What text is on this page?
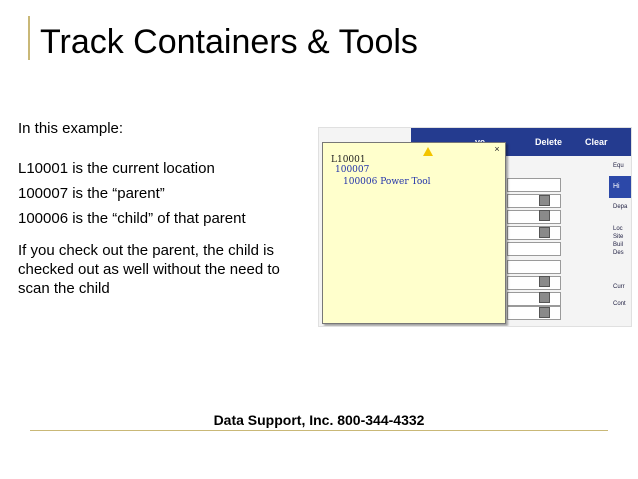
Track Containers & Tools
In this example:
L10001 is the current location
100007 is the “parent”
100006 is the “child” of that parent
If you check out the parent, the child is checked out as well without the need to scan the child
Delete	Clear
Equ
Hi
Depa
Loc
Site
Buil
Des
Curr
Cont
×
L10001
100007
100006 Power Tool
Data Support, Inc. 800-344-4332
